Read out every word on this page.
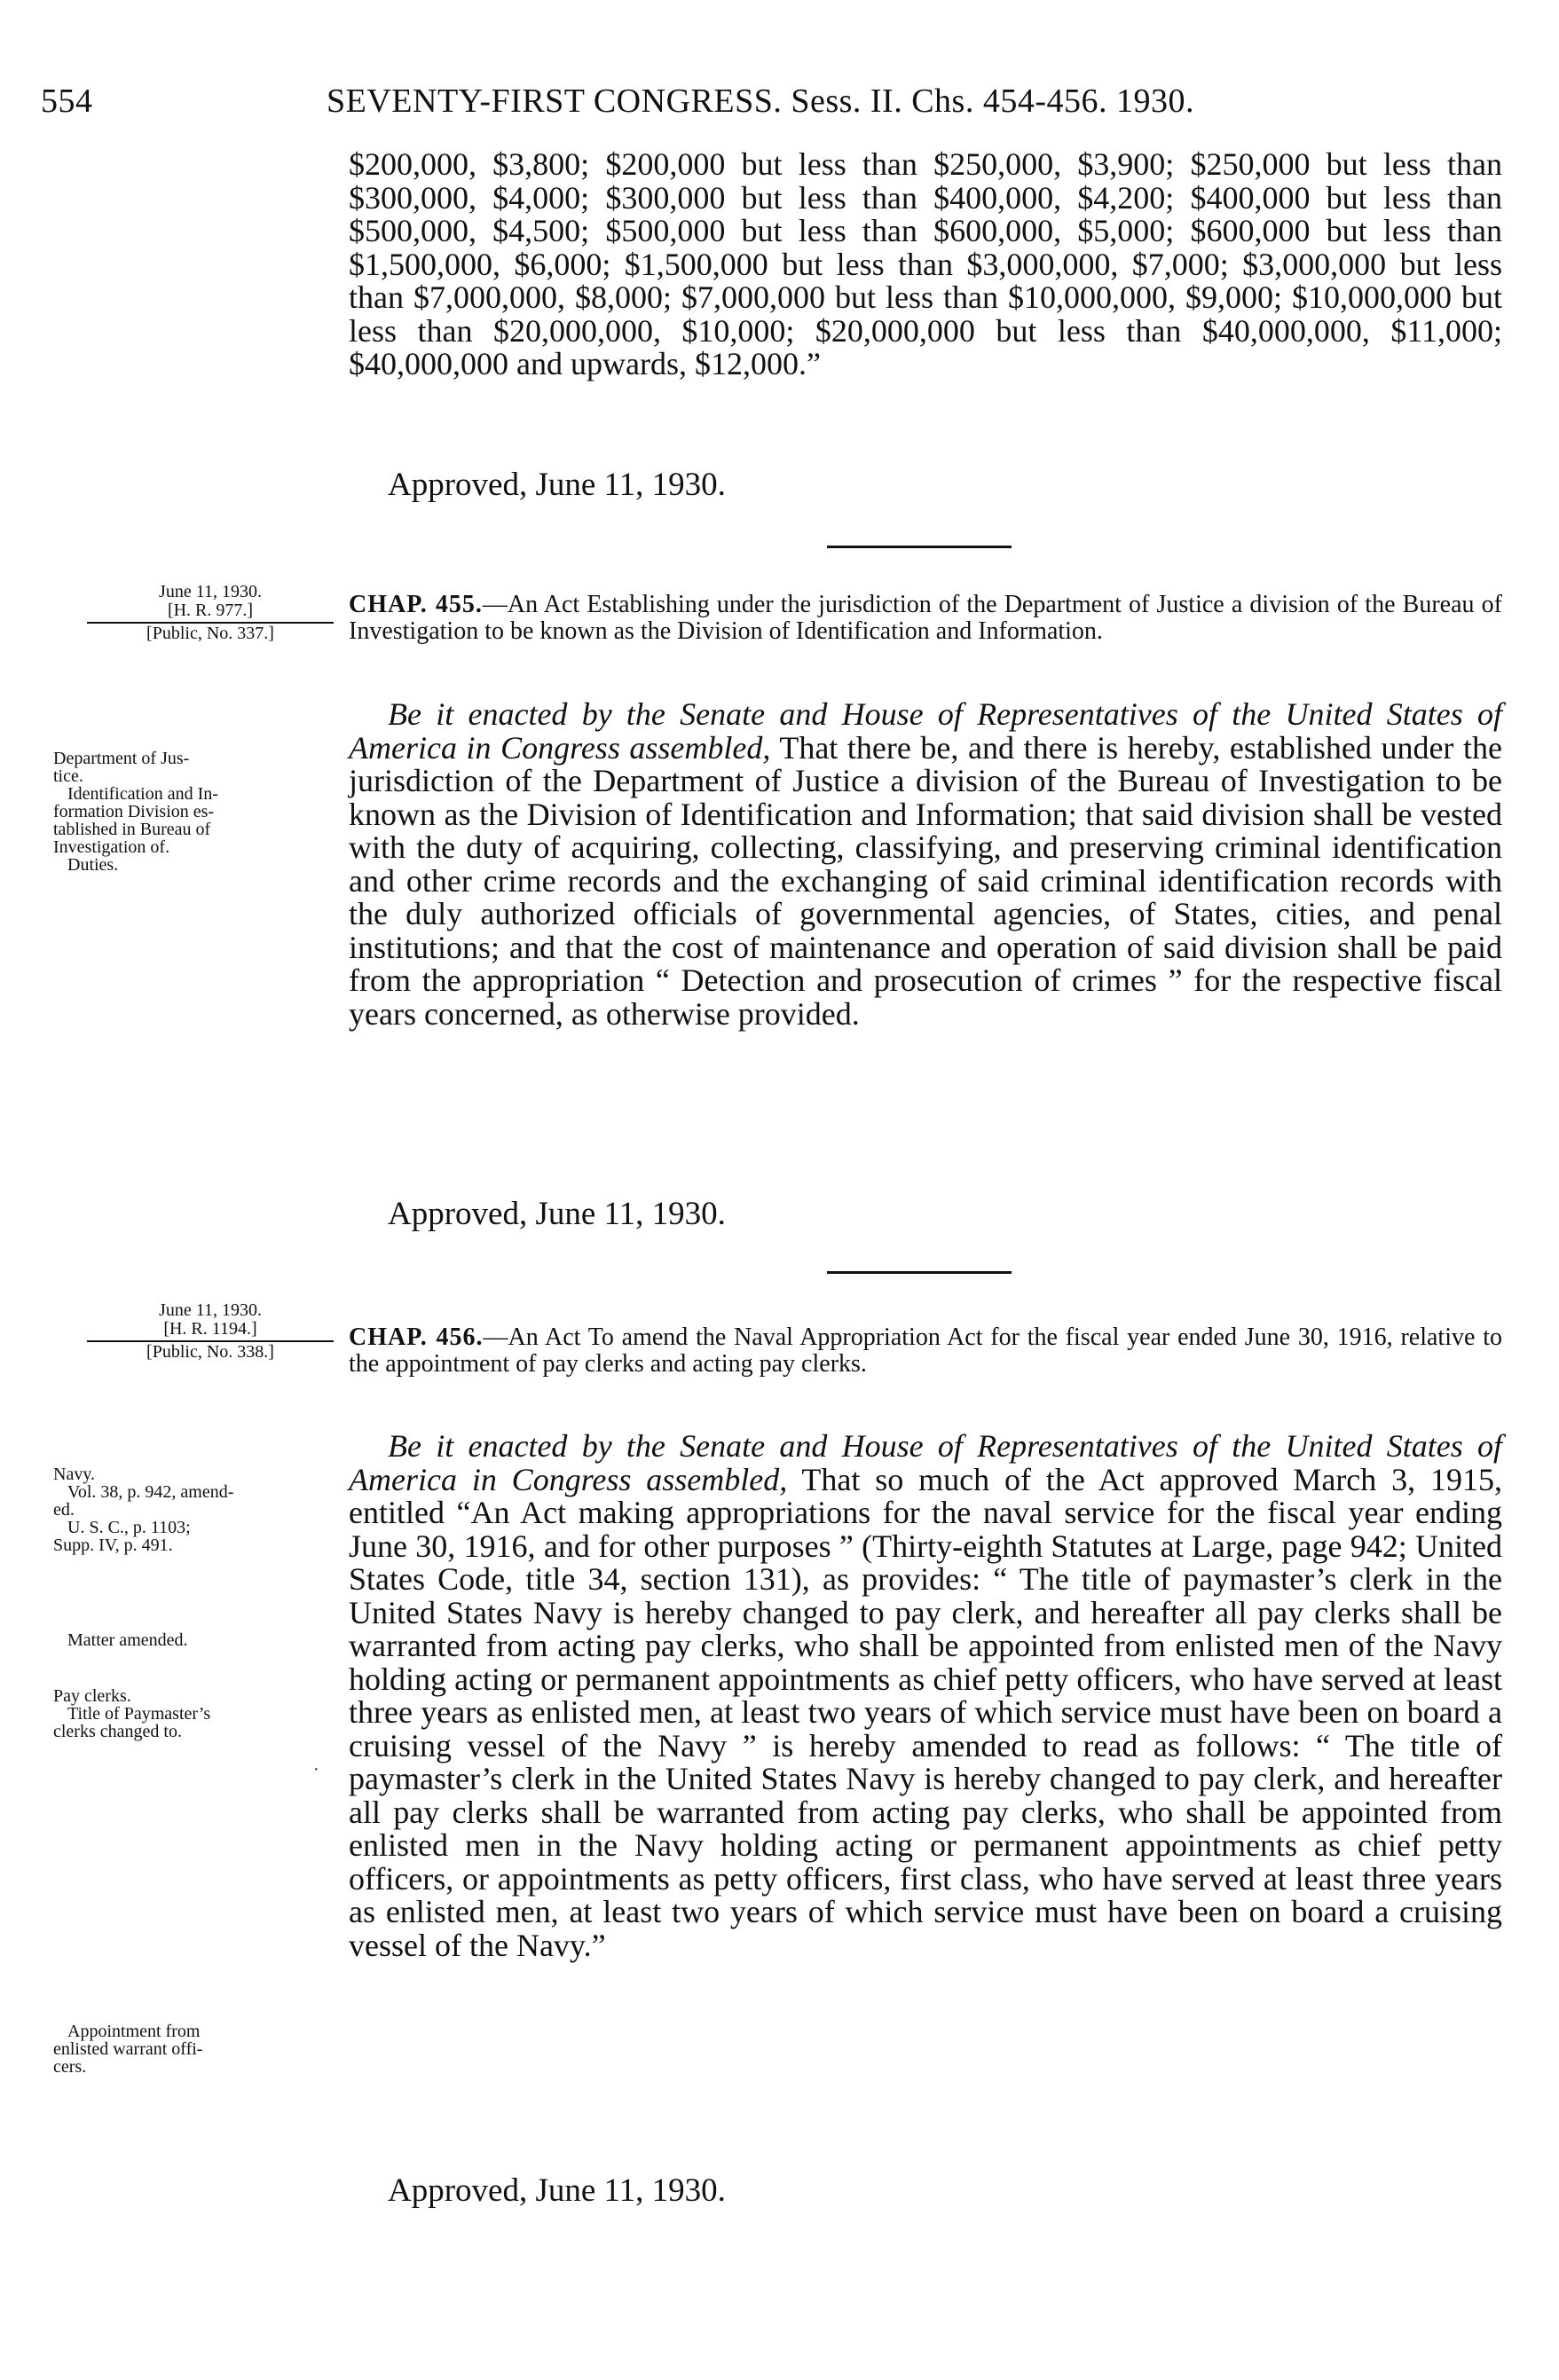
554	SEVENTY-FIRST CONGRESS. Sess. II. Chs. 454-456. 1930.

$200,000, $3,800; $200,000 but less than $250,000, $3,900; $250,000 but less than $300,000, $4,000; $300,000 but less than $400,000, $4,200; $400,000 but less than $500,000, $4,500; $500,000 but less than $600,000, $5,000; $600,000 but less than $1,500,000, $6,000; $1,500,000 but less than $3,000,000, $7,000; $3,000,000 but less than $7,000,000, $8,000; $7,000,000 but less than $10,000,000, $9,000; $10,000,000 but less than $20,000,000, $10,000; $20,000,000 but less than $40,000,000, $11,000; $40,000,000 and upwards, $12,000.”

Approved, June 11, 1930.
June 11, 1930.
[H. R. 977.]
[Public, No. 337.]
CHAP. 455.—An Act Establishing under the jurisdiction of the Department of Justice a division of the Bureau of Investigation to be known as the Division of Identification and Information.
Department of Jus-
tice.
Identification and In-
formation Division es-
tablished in Bureau of
Investigation of.
Duties.

Be it enacted by the Senate and House of Representatives of the United States of America in Congress assembled, That there be, and there is hereby, established under the jurisdiction of the Department of Justice a division of the Bureau of Investigation to be known as the Division of Identification and Information; that said division shall be vested with the duty of acquiring, collecting, classifying, and preserving criminal identification and other crime records and the exchanging of said criminal identification records with the duly authorized officials of governmental agencies, of States, cities, and penal institutions; and that the cost of maintenance and operation of said division shall be paid from the appropriation “ Detection and prosecution of crimes ” for the respective fiscal years concerned, as otherwise provided.

Approved, June 11, 1930.
June 11, 1930.
[H. R. 1194.]
[Public, No. 338.]
CHAP. 456.—An Act To amend the Naval Appropriation Act for the fiscal year ended June 30, 1916, relative to the appointment of pay clerks and acting pay clerks.
Navy.
Vol. 38, p. 942, amend-
ed.
U. S. C., p. 1103;
Supp. IV, p. 491.
Matter amended.
Pay clerks.
Title of Paymaster’s
clerks changed to.
·
Appointment from
enlisted warrant offi-
cers.

Be it enacted by the Senate and House of Representatives of the United States of America in Congress assembled, That so much of the Act approved March 3, 1915, entitled “An Act making appropriations for the naval service for the fiscal year ending June 30, 1916, and for other purposes ” (Thirty-eighth Statutes at Large, page 942; United States Code, title 34, section 131), as provides: “ The title of paymaster’s clerk in the United States Navy is hereby changed to pay clerk, and hereafter all pay clerks shall be warranted from acting pay clerks, who shall be appointed from enlisted men of the Navy holding acting or permanent appointments as chief petty officers, who have served at least three years as enlisted men, at least two years of which service must have been on board a cruising vessel of the Navy ” is hereby amended to read as follows: “ The title of paymaster’s clerk in the United States Navy is hereby changed to pay clerk, and hereafter all pay clerks shall be warranted from acting pay clerks, who shall be appointed from enlisted men in the Navy holding acting or permanent appointments as chief petty officers, or appointments as petty officers, first class, who have served at least three years as enlisted men, at least two years of which service must have been on board a cruising vessel of the Navy.”

Approved, June 11, 1930.
